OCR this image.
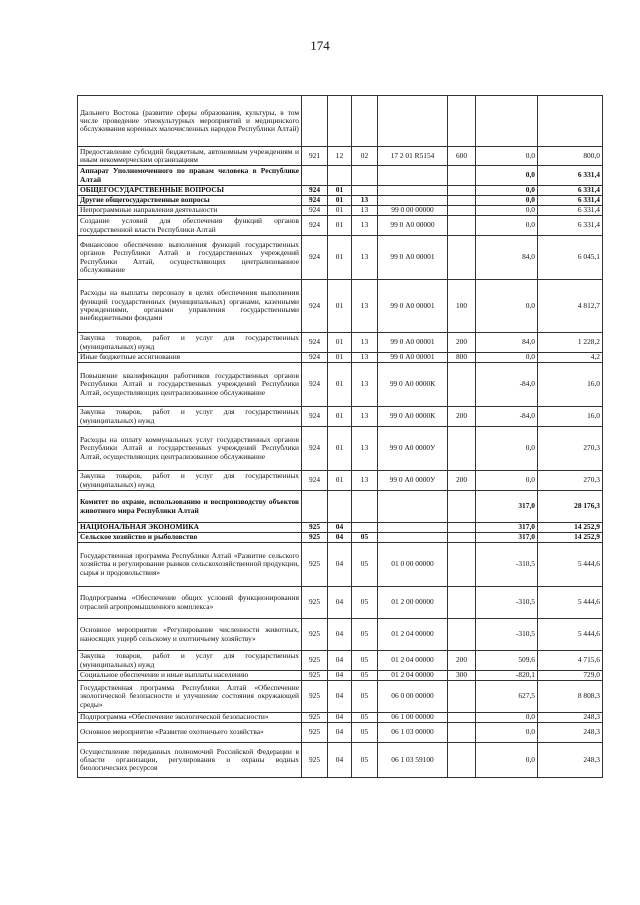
174
Дальнего Востока (развитие сферы образования, культуры, в том числе проведение этнокультурных мероприятий и медицинского обслуживания коренных малочисленных народов Республики Алтай)							
Предоставление субсидий бюджетным, автономным учреждениям и иным некоммерческим организациям	921	12	02	17 2 01 R5154	600	0,0	800,0
Аппарат Уполномоченного по правам человека в Республике Алтай						0,0	6 331,4
ОБЩЕГОСУДАРСТВЕННЫЕ ВОПРОСЫ	924	01				0,0	6 331,4
Другие общегосударственные вопросы	924	01	13			0,0	6 331,4
Непрограммные направления деятельности	924	01	13	99 0 00 00000		0,0	6 331,4
Создание условий для обеспечения функций органов государственной власти Республики Алтай	924	01	13	99 0 А0 00000		0,0	6 331,4
Финансовое обеспечение выполнения функций государственных органов Республики Алтай и государственных учреждений Республики Алтай, осуществляющих централизованное обслуживание	924	01	13	99 0 А0 00001		84,0	6 045,1
Расходы на выплаты персоналу в целях обеспечения выполнения функций государственных (муниципальных) органами, казенными учреждениями, органами управления государственными внебюджетными фондами	924	01	13	99 0 А0 00001	100	0,0	4 812,7
Закупка товаров, работ и услуг для государственных (муниципальных) нужд	924	01	13	99 0 А0 00001	200	84,0	1 228,2
Иные бюджетные ассигнования	924	01	13	99 0 А0 00001	800	0,0	4,2
Повышение квалификации работников государственных органов Республики Алтай и государственных учреждений Республики Алтай, осуществляющих централизованное обслуживание	924	01	13	99 0 А0 0000К		-84,0	16,0
Закупка товаров, работ и услуг для государственных (муниципальных) нужд	924	01	13	99 0 А0 0000К	200	-84,0	16,0
Расходы на оплату коммунальных услуг государственных органов Республики Алтай и государственных учреждений Республики Алтай, осуществляющих централизованное обслуживание	924	01	13	99 0 А0 0000У		0,0	270,3
Закупка товаров, работ и услуг для государственных (муниципальных) нужд	924	01	13	99 0 А0 0000У	200	0,0	270,3
Комитет по охране, использованию и воспроизводству объектов животного мира Республики Алтай						317,0	28 176,3
НАЦИОНАЛЬНАЯ ЭКОНОМИКА	925	04				317,0	14 252,9
Сельское хозяйство и рыболовство	925	04	05			317,0	14 252,9
Государственная программа Республики Алтай «Развитие сельского хозяйства и регулирование рынков сельскохозяйственной продукции, сырья и продовольствия»	925	04	05	01 0 00 00000		-310,5	5 444,6
Подпрограмма «Обеспечение общих условий функционирования отраслей агропромышленного комплекса»	925	04	05	01 2 00 00000		-310,5	5 444,6
Основное мероприятие «Регулирование численности животных, наносящих ущерб сельскому и охотничьему хозяйству»	925	04	05	01 2 04 00000		-310,5	5 444,6
Закупка товаров, работ и услуг для государственных (муниципальных) нужд	925	04	05	01 2 04 00000	200	509,6	4 715,6
Социальное обеспечение и иные выплаты населению	925	04	05	01 2 04 00000	300	-820,1	729,0
Государственная программа Республики Алтай «Обеспечение экологической безопасности и улучшение состояния окружающей среды»	925	04	05	06 0 00 00000		627,5	8 808,3
Подпрограмма «Обеспечение экологической безопасности»	925	04	05	06 1 00 00000		0,0	248,3
Основное мероприятие «Развитие охотничьего хозяйства»	925	04	05	06 1 03 00000		0,0	248,3
Осуществление переданных полномочий Российской Федерации в области организации, регулирования и охраны водных биологических ресурсов	925	04	05	06 1 03 59100		0,0	248,3
